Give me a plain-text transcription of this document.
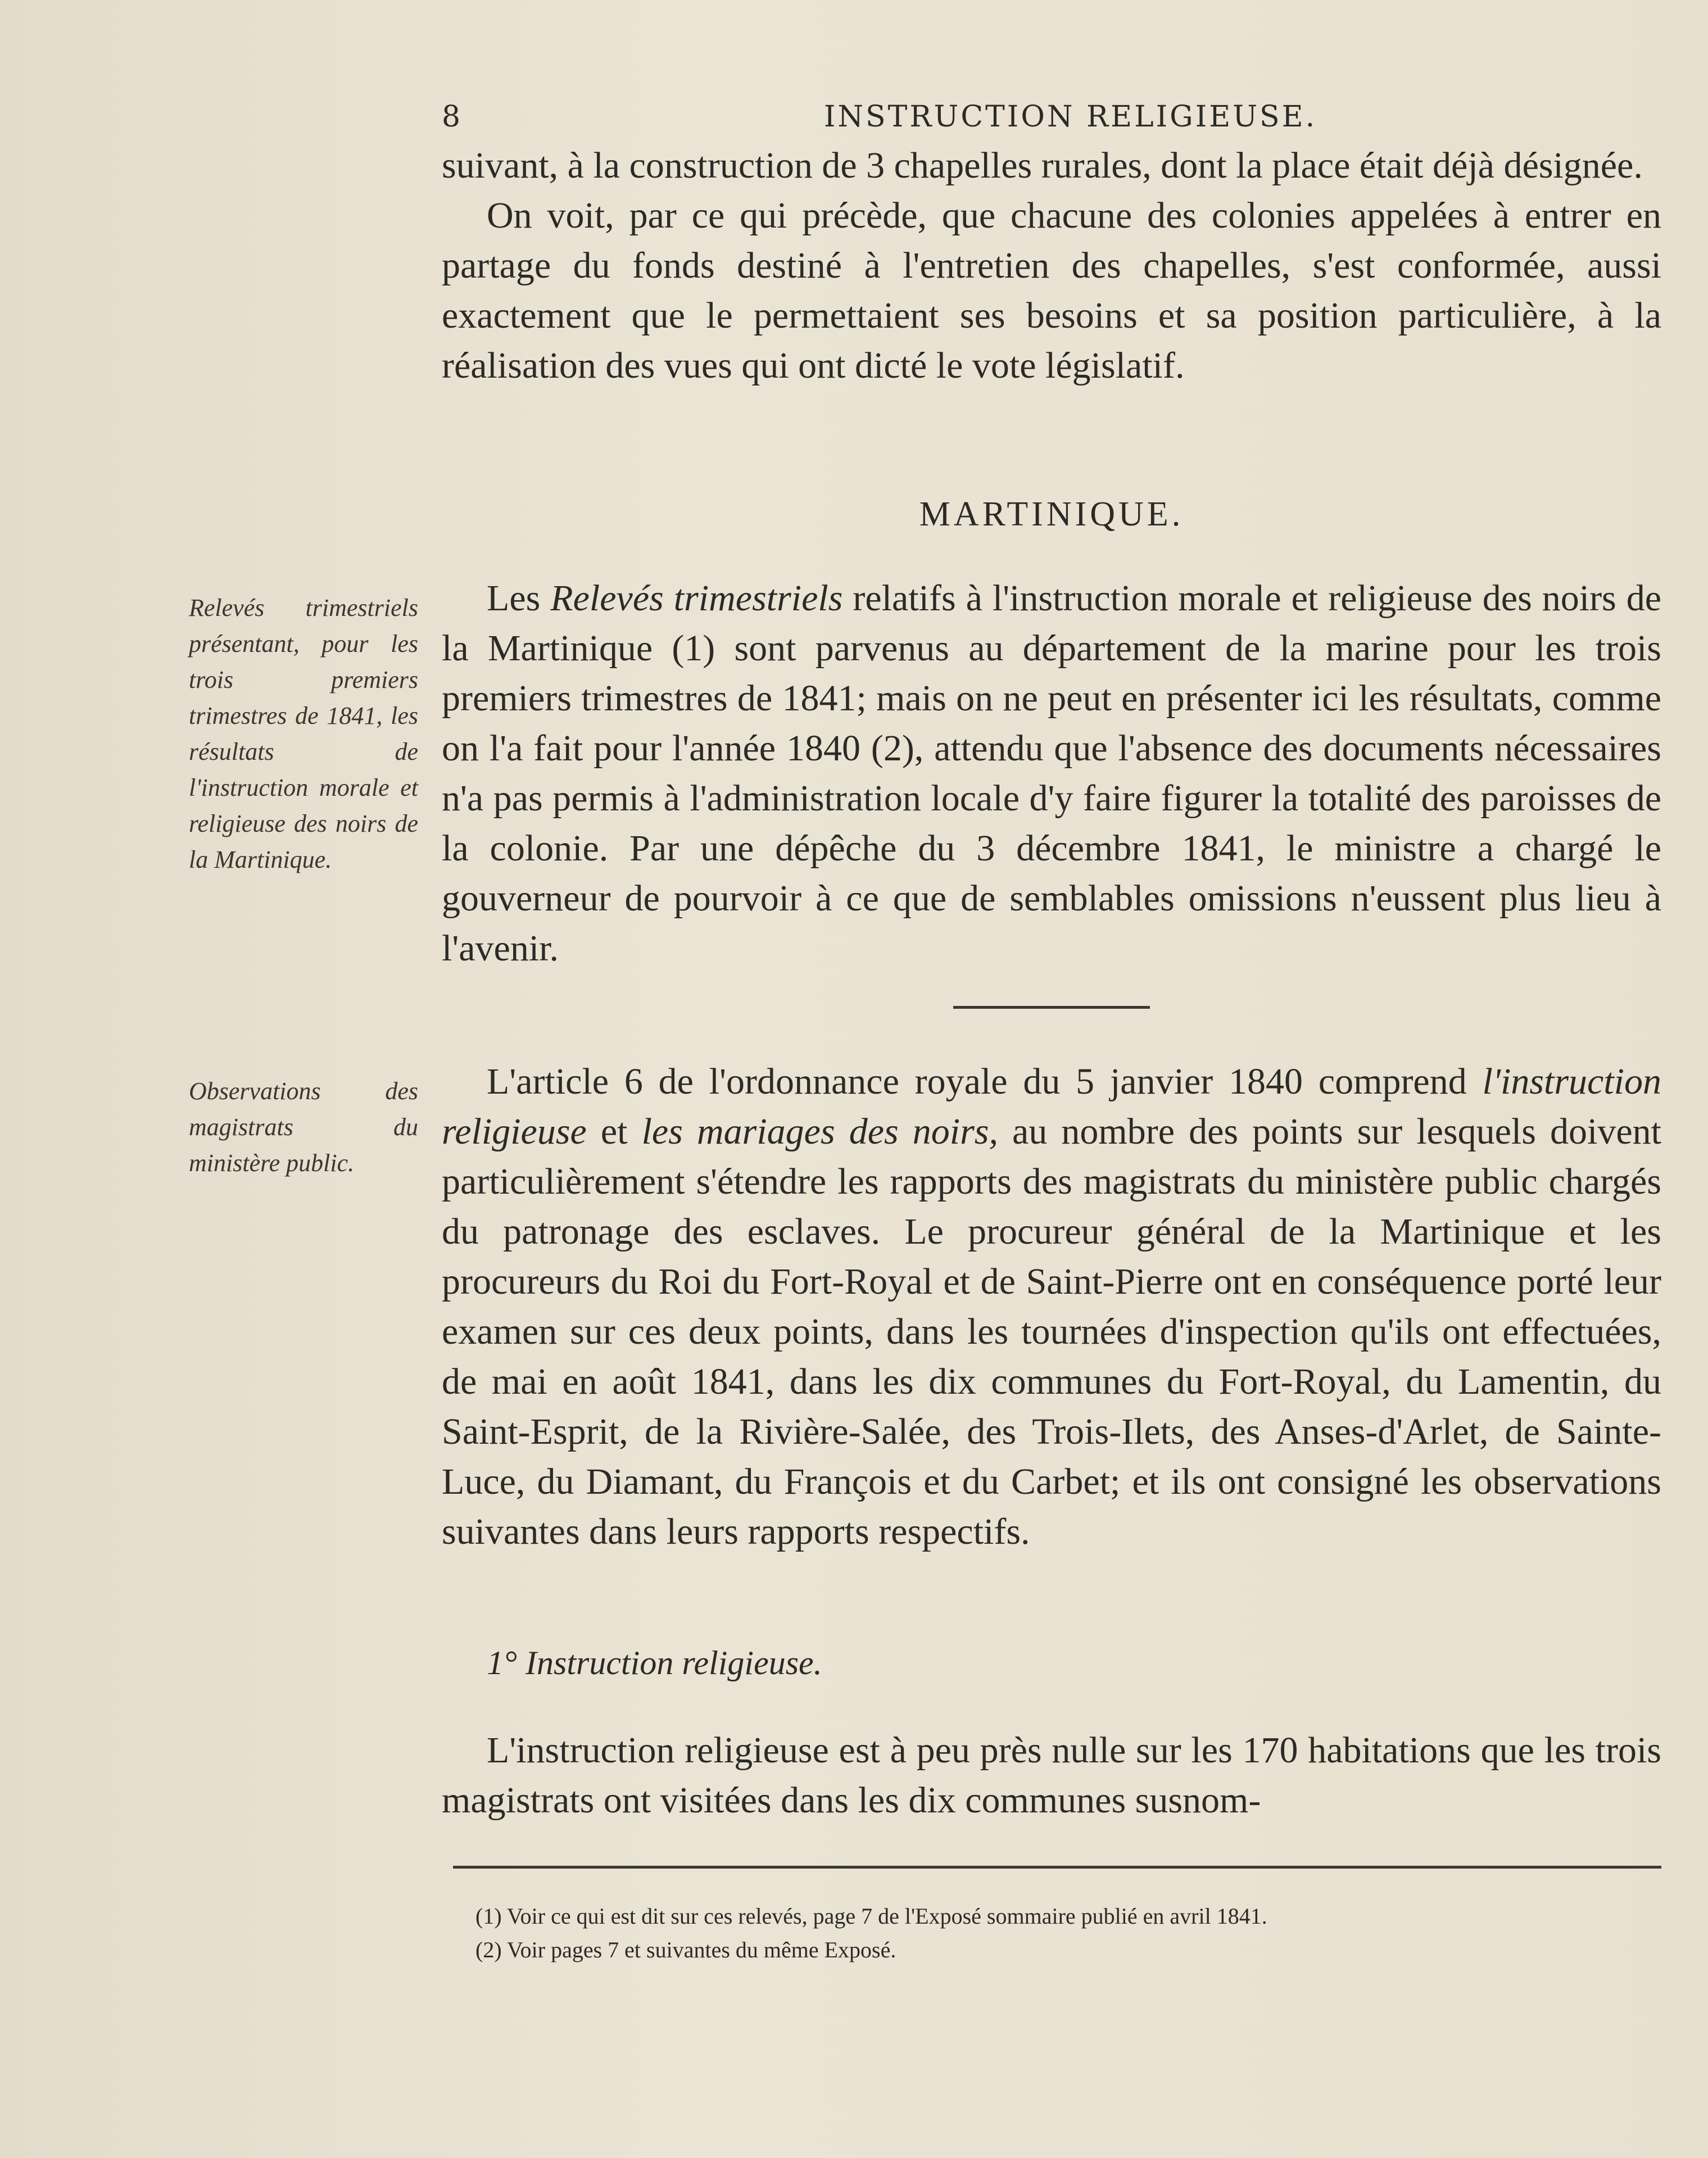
8	INSTRUCTION RELIGIEUSE.

suivant, à la construction de 3 chapelles rurales, dont la place était déjà désignée.

On voit, par ce qui précède, que chacune des colonies appelées à entrer en partage du fonds destiné à l'entretien des chapelles, s'est conformée, aussi exactement que le permettaient ses besoins et sa position particulière, à la réalisation des vues qui ont dicté le vote législatif.

MARTINIQUE.
Relevés trimestriels présentant, pour les trois premiers trimestres de 1841, les résultats de l'instruction morale et religieuse des noirs de la Martinique.

Les Relevés trimestriels relatifs à l'instruction morale et religieuse des noirs de la Martinique (1) sont parvenus au département de la marine pour les trois premiers trimestres de 1841; mais on ne peut en présenter ici les résultats, comme on l'a fait pour l'année 1840 (2), attendu que l'absence des documents nécessaires n'a pas permis à l'administration locale d'y faire figurer la totalité des paroisses de la colonie. Par une dépêche du 3 décembre 1841, le ministre a chargé le gouverneur de pourvoir à ce que de semblables omissions n'eussent plus lieu à l'avenir.

Observations des magistrats du ministère public.

L'article 6 de l'ordonnance royale du 5 janvier 1840 comprend l'instruction religieuse et les mariages des noirs, au nombre des points sur lesquels doivent particulièrement s'étendre les rapports des magistrats du ministère public chargés du patronage des esclaves. Le procureur général de la Martinique et les procureurs du Roi du Fort-Royal et de Saint-Pierre ont en conséquence porté leur examen sur ces deux points, dans les tournées d'inspection qu'ils ont effectuées, de mai en août 1841, dans les dix communes du Fort-Royal, du Lamentin, du Saint-Esprit, de la Rivière-Salée, des Trois-Ilets, des Anses-d'Arlet, de Sainte-Luce, du Diamant, du François et du Carbet; et ils ont consigné les observations suivantes dans leurs rapports respectifs.

1° Instruction religieuse.

L'instruction religieuse est à peu près nulle sur les 170 habitations que les trois magistrats ont visitées dans les dix communes susnom-

(1) Voir ce qui est dit sur ces relevés, page 7 de l'Exposé sommaire publié en avril 1841.

(2) Voir pages 7 et suivantes du même Exposé.
